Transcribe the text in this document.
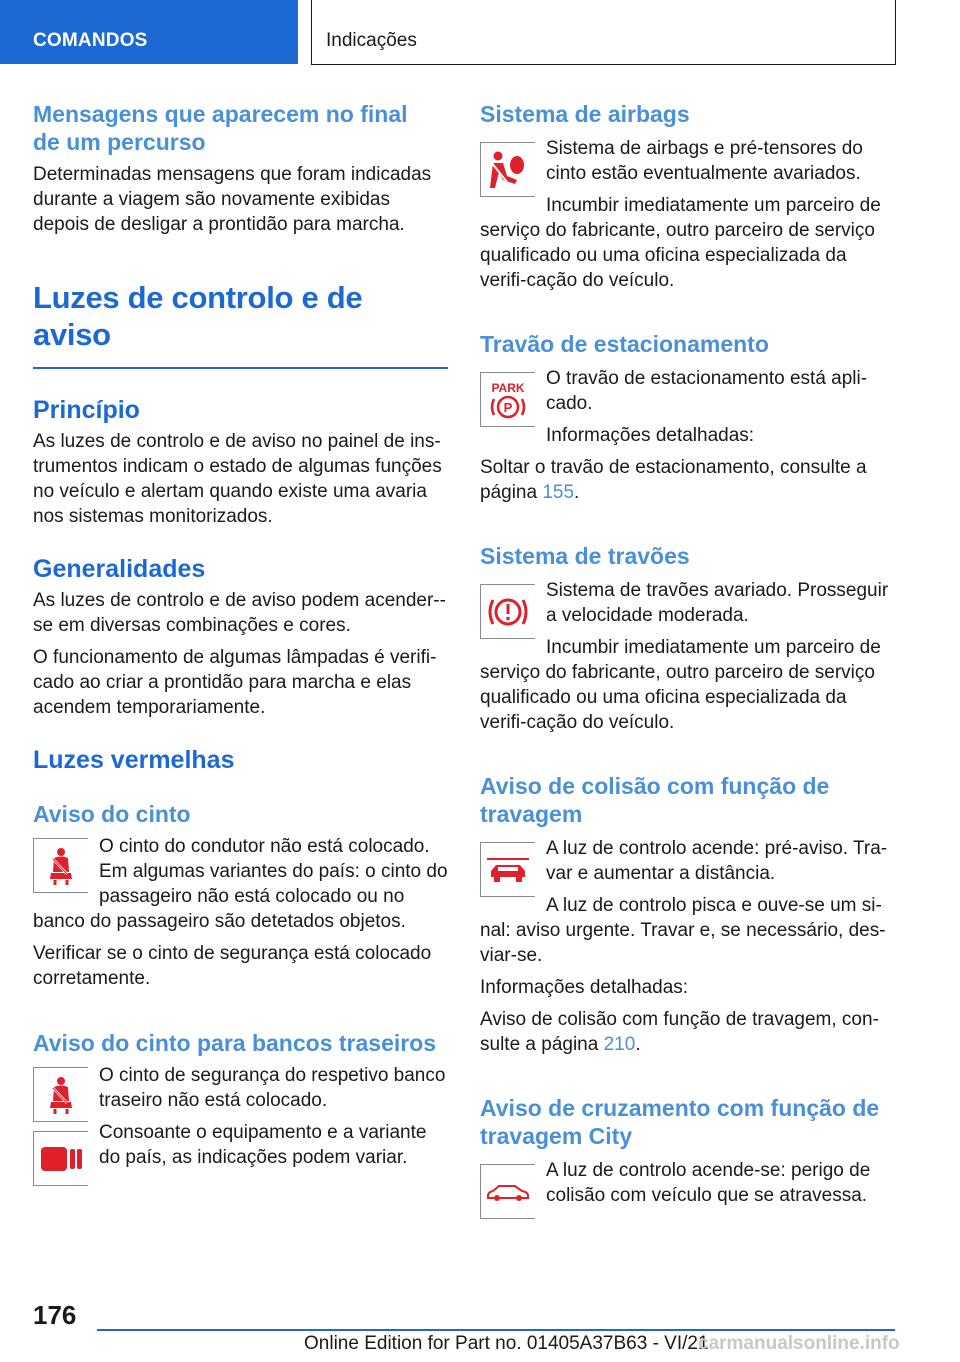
COMANDOS	Indicações
Mensagens que aparecem no final de um percurso

Determinadas mensagens que foram indicadas durante a viagem são novamente exibidas depois de desligar a prontidão para marcha.

Luzes de controlo e de aviso
Princípio

As luzes de controlo e de aviso no painel de ins-trumentos indicam o estado de algumas funções no veículo e alertam quando existe uma avaria nos sistemas monitorizados.

Generalidades

As luzes de controlo e de aviso podem acender--se em diversas combinações e cores.

O funcionamento de algumas lâmpadas é verifi-cado ao criar a prontidão para marcha e elas acendem temporariamente.

Luzes vermelhas
Aviso do cinto

O cinto do condutor não está colocado. Em algumas variantes do país: o cinto do passageiro não está colocado ou no

banco do passageiro são detetados objetos.

Verificar se o cinto de segurança está colocado corretamente.

Aviso do cinto para bancos traseiros

O cinto de segurança do respetivo banco traseiro não está colocado.

Consoante o equipamento e a variante do país, as indicações podem variar.

Sistema de airbags

Sistema de airbags e pré-tensores do cinto estão eventualmente avariados.

Incumbir imediatamente um parceiro de

serviço do fabricante, outro parceiro de serviço qualificado ou uma oficina especializada da verifi-cação do veículo.

Travão de estacionamento
PARK
P

O travão de estacionamento está apli-cado.

Informações detalhadas:

Soltar o travão de estacionamento, consulte a página 155.

Sistema de travões

Sistema de travões avariado. Prosseguir a velocidade moderada.

Incumbir imediatamente um parceiro de

serviço do fabricante, outro parceiro de serviço qualificado ou uma oficina especializada da verifi-cação do veículo.

Aviso de colisão com função de travagem

A luz de controlo acende: pré-aviso. Tra-var e aumentar a distância.

A luz de controlo pisca e ouve-se um si-

nal: aviso urgente. Travar e, se necessário, des-viar-se.

Informações detalhadas:

Aviso de colisão com função de travagem, con-sulte a página 210.

Aviso de cruzamento com função de travagem City

A luz de controlo acende-se: perigo de colisão com veículo que se atravessa.

176
Online Edition for Part no. 01405A37B63 - VI/21
carmanualsonline.info
